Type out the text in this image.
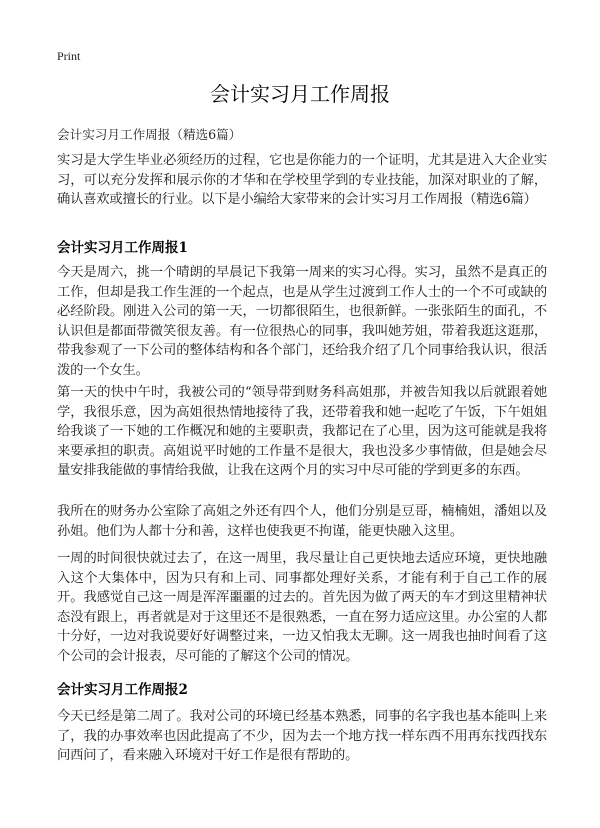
Print
会计实习月工作周报
会计实习月工作周报（精选6篇）
实习是大学生毕业必须经历的过程，它也是你能力的一个证明，尤其是进入大企业实习，可以充分发挥和展示你的才华和在学校里学到的专业技能，加深对职业的了解，确认喜欢或擅长的行业。以下是小编给大家带来的会计实习月工作周报（精选6篇）
会计实习月工作周报1
今天是周六，挑一个晴朗的早晨记下我第一周来的实习心得。实习，虽然不是真正的工作，但却是我工作生涯的一个起点，也是从学生过渡到工作人士的一个不可或缺的必经阶段。刚进入公司的第一天，一切都很陌生，也很新鲜。一张张陌生的面孔，不认识但是都面带微笑很友善。有一位很热心的同事，我叫她芳姐，带着我逛这逛那，带我参观了一下公司的整体结构和各个部门，还给我介绍了几个同事给我认识，很活泼的一个女生。
第一天的快中午时，我被公司的“领导带到财务科高姐那，并被告知我以后就跟着她学，我很乐意，因为高姐很热情地接待了我，还带着我和她一起吃了午饭，下午姐姐给我谈了一下她的工作概况和她的主要职责，我都记在了心里，因为这可能就是我将来要承担的职责。高姐说平时她的工作量不是很大，我也没多少事情做，但是她会尽量安排我能做的事情给我做，让我在这两个月的实习中尽可能的学到更多的东西。
我所在的财务办公室除了高姐之外还有四个人，他们分别是豆哥，楠楠姐，潘姐以及孙姐。他们为人都十分和善，这样也使我更不拘谨，能更快融入这里。
一周的时间很快就过去了，在这一周里，我尽量让自己更快地去适应环境，更快地融入这个大集体中，因为只有和上司、同事都处理好关系，才能有利于自己工作的展开。我感觉自己这一周是浑浑噩噩的过去的。首先因为做了两天的车才到这里精神状态没有跟上，再者就是对于这里还不是很熟悉，一直在努力适应这里。办公室的人都十分好，一边对我说要好好调整过来，一边又怕我太无聊。这一周我也抽时间看了这个公司的会计报表，尽可能的了解这个公司的情况。
会计实习月工作周报2
今天已经是第二周了。我对公司的环境已经基本熟悉，同事的名字我也基本能叫上来了，我的办事效率也因此提高了不少，因为去一个地方找一样东西不用再东找西找东问西问了，看来融入环境对干好工作是很有帮助的。
